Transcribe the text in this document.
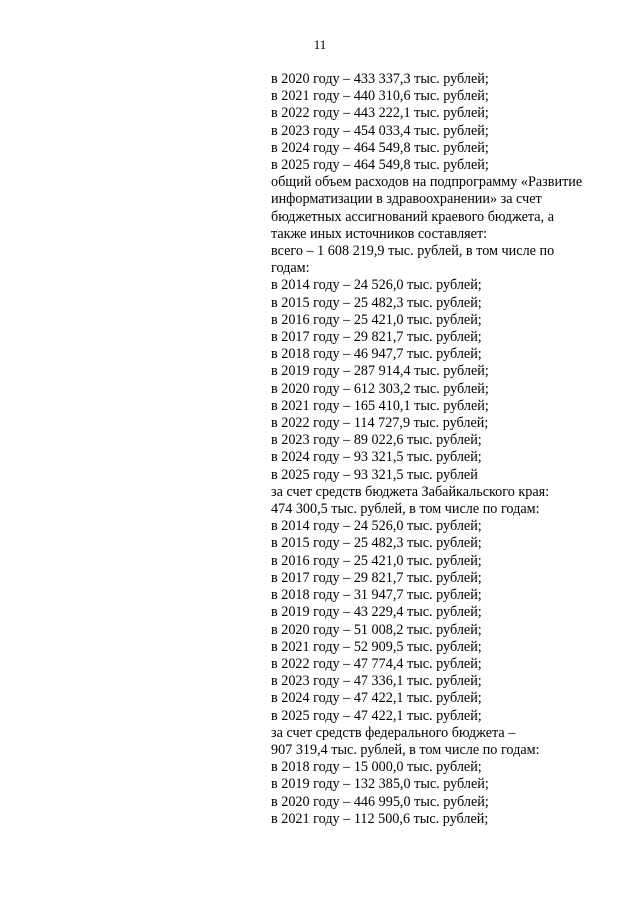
11
в 2020 году – 433 337,3 тыс. рублей;
в 2021 году – 440 310,6 тыс. рублей;
в 2022 году – 443 222,1 тыс. рублей;
в 2023 году – 454 033,4 тыс. рублей;
в 2024 году – 464 549,8 тыс. рублей;
в 2025 году – 464 549,8 тыс. рублей;
общий объем расходов на подпрограмму «Развитие
информатизации в здравоохранении» за счет
бюджетных ассигнований краевого бюджета, а
также иных источников составляет:
всего – 1 608 219,9 тыс. рублей, в том числе по
годам:
в 2014 году – 24 526,0 тыс. рублей;
в 2015 году – 25 482,3 тыс. рублей;
в 2016 году – 25 421,0 тыс. рублей;
в 2017 году – 29 821,7 тыс. рублей;
в 2018 году – 46 947,7 тыс. рублей;
в 2019 году – 287 914,4 тыс. рублей;
в 2020 году – 612 303,2 тыс. рублей;
в 2021 году – 165 410,1 тыс. рублей;
в 2022 году – 114 727,9 тыс. рублей;
в 2023 году – 89 022,6 тыс. рублей;
в 2024 году – 93 321,5 тыс. рублей;
в 2025 году – 93 321,5 тыс. рублей
за счет средств бюджета Забайкальского края:
474 300,5 тыс. рублей, в том числе по годам:
в 2014 году – 24 526,0 тыс. рублей;
в 2015 году – 25 482,3 тыс. рублей;
в 2016 году – 25 421,0 тыс. рублей;
в 2017 году – 29 821,7 тыс. рублей;
в 2018 году – 31 947,7 тыс. рублей;
в 2019 году – 43 229,4 тыс. рублей;
в 2020 году – 51 008,2 тыс. рублей;
в 2021 году – 52 909,5 тыс. рублей;
в 2022 году – 47 774,4 тыс. рублей;
в 2023 году – 47 336,1 тыс. рублей;
в 2024 году – 47 422,1 тыс. рублей;
в 2025 году – 47 422,1 тыс. рублей;
за счет средств федерального бюджета –
907 319,4 тыс. рублей, в том числе по годам:
в 2018 году – 15 000,0 тыс. рублей;
в 2019 году – 132 385,0 тыс. рублей;
в 2020 году – 446 995,0 тыс. рублей;
в 2021 году – 112 500,6 тыс. рублей;
